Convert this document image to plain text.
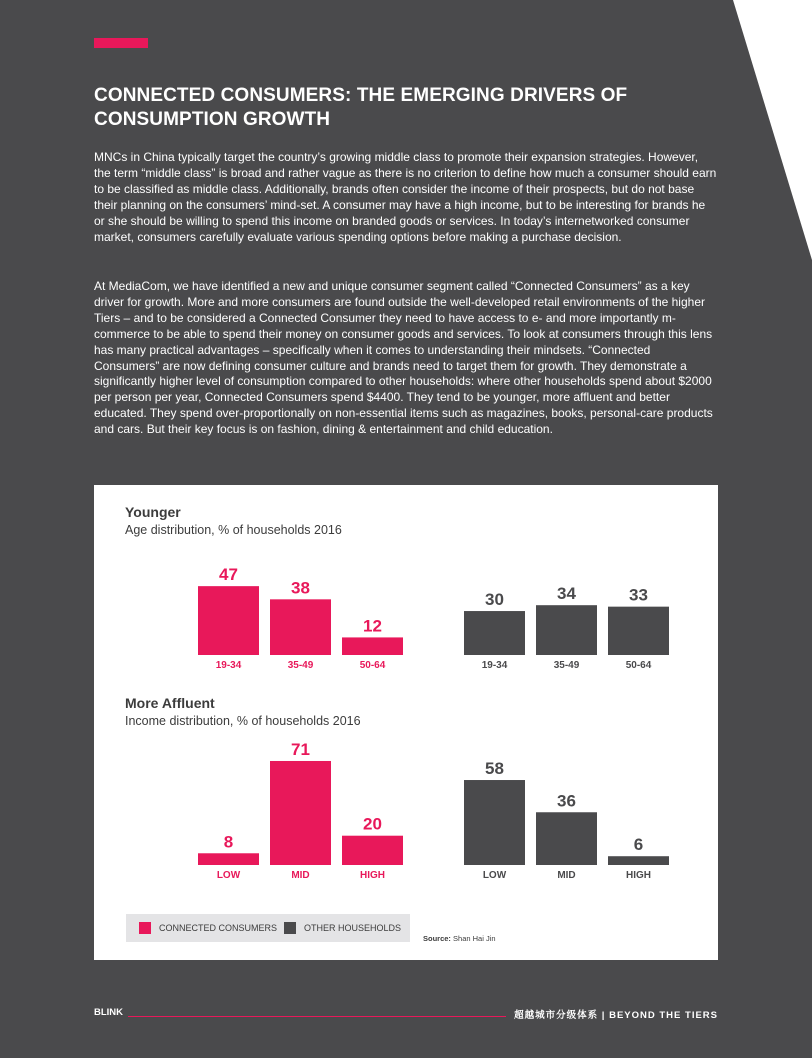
CONNECTED CONSUMERS: THE EMERGING DRIVERS OF CONSUMPTION GROWTH

MNCs in China typically target the country’s growing middle class to promote their expansion strategies. However, the term “middle class” is broad and rather vague as there is no criterion to define how much a consumer should earn to be classified as middle class. Additionally, brands often consider the income of their prospects, but do not base their planning on the consumers’ mind-set. A consumer may have a high income, but to be interesting for brands he or she should be willing to spend this income on branded goods or services. In today’s internetworked consumer market, consumers carefully evaluate various spending options before making a purchase decision.

At MediaCom, we have identified a new and unique consumer segment called “Connected Consumers” as a key driver for growth. More and more consumers are found outside the well-developed retail environments of the higher Tiers – and to be considered a Connected Consumer they need to have access to e- and more importantly m-commerce to be able to spend their money on consumer goods and services. To look at consumers through this lens has many practical advantages – specifically when it comes to understanding their mindsets. “Connected Consumers” are now defining consumer culture and brands need to target them for growth. They demonstrate a significantly higher level of consumption compared to other households: where other households spend about $2000 per person per year, Connected Consumers spend $4400. They tend to be younger, more affluent and better educated. They spend over-proportionally on non-essential items such as magazines, books, personal-care products and cars. But their key focus is on fashion, dining & entertainment and child education.

Younger
Age distribution, % of households 2016
More Affluent
Income distribution, % of households 2016
47
19-34
38
35-49
12
50-64
30
19-34
34
35-49
33
50-64
8
LOW
71
MID
20
HIGH
58
LOW
36
MID
6
HIGH
CONNECTED CONSUMERS	OTHER HOUSEHOLDS
Source: Shan Hai Jin
BLINK	超越城市分级体系 | BEYOND THE TIERS
